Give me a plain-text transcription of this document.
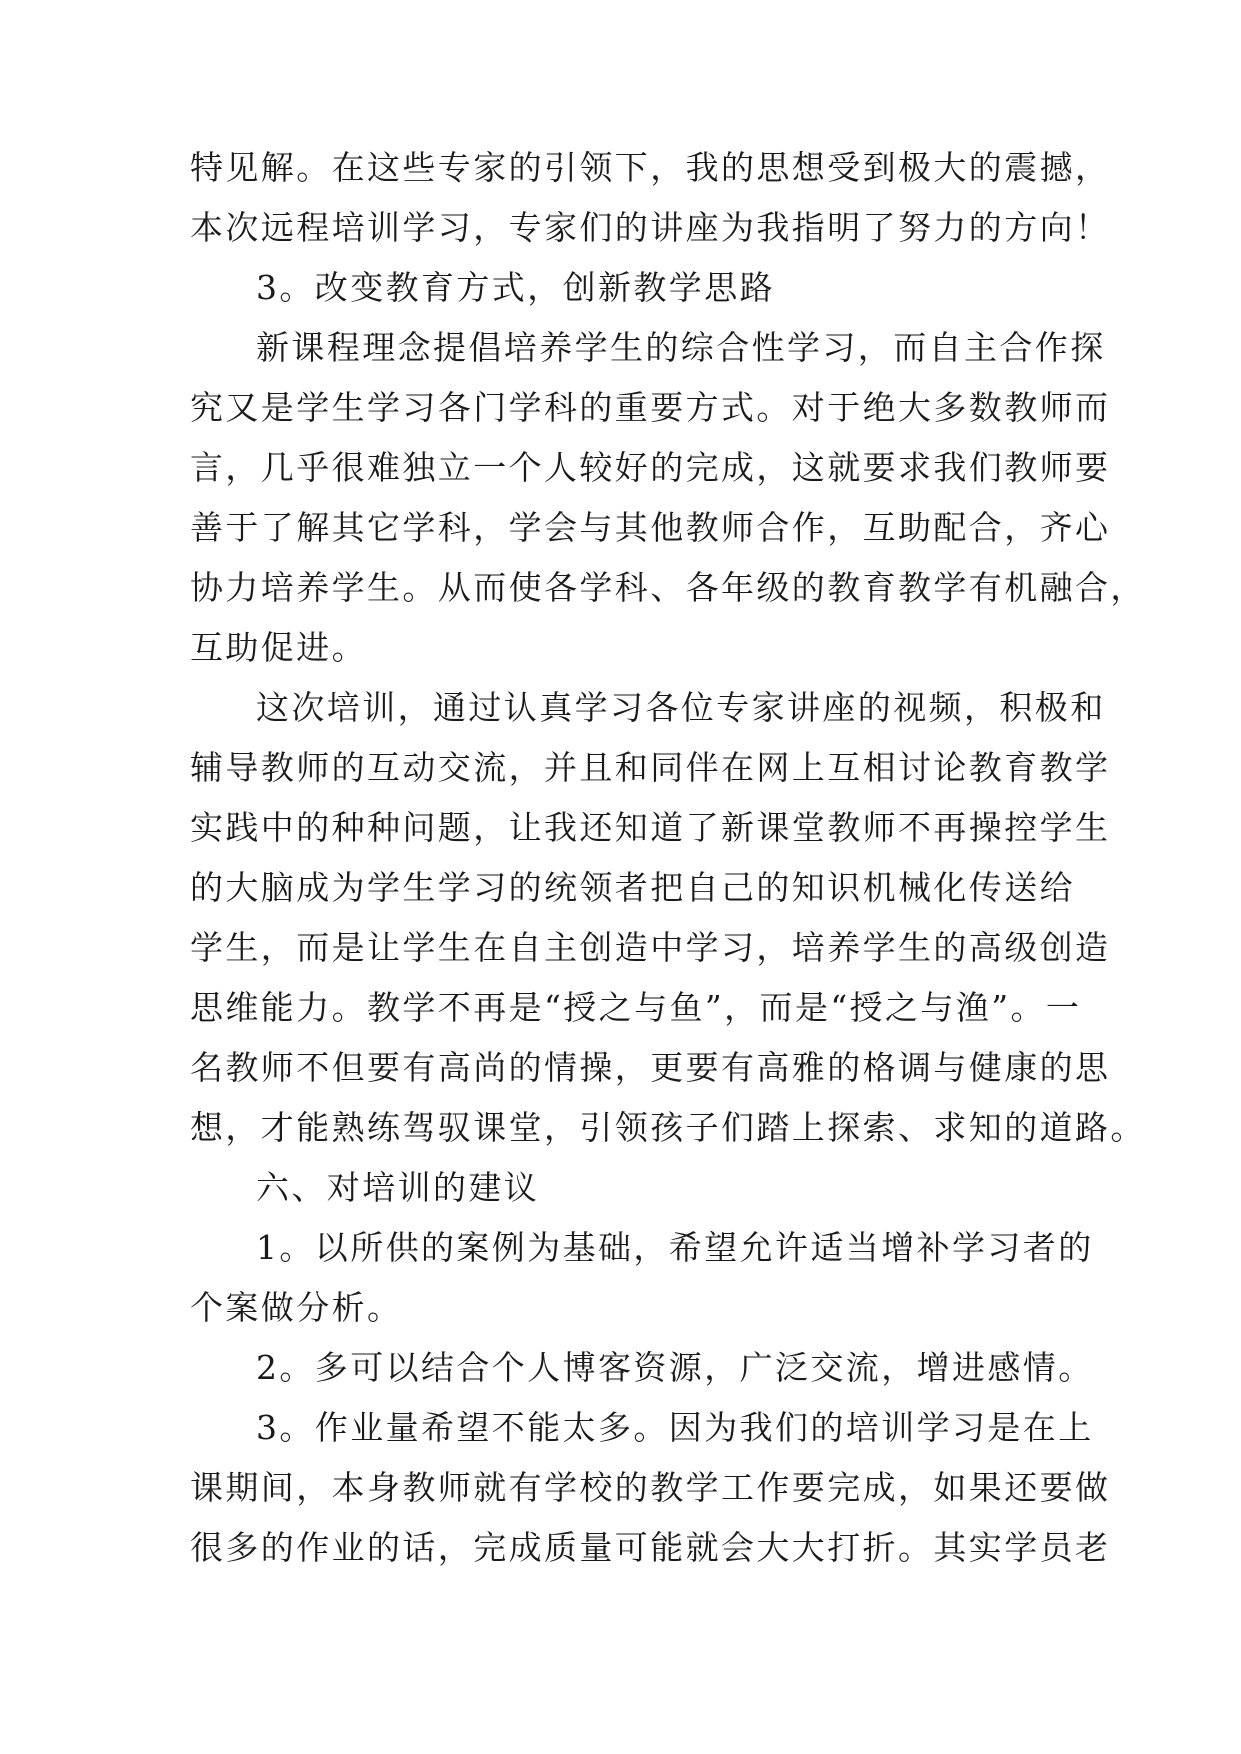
特见解。在这些专家的引领下，我的思想受到极大的震撼，
本次远程培训学习，专家们的讲座为我指明了努力的方向！
3。改变教育方式，创新教学思路
新课程理念提倡培养学生的综合性学习，而自主合作探
究又是学生学习各门学科的重要方式。对于绝大多数教师而
言，几乎很难独立一个人较好的完成，这就要求我们教师要
善于了解其它学科，学会与其他教师合作，互助配合，齐心
协力培养学生。从而使各学科、各年级的教育教学有机融合，
互助促进。
这次培训，通过认真学习各位专家讲座的视频，积极和
辅导教师的互动交流，并且和同伴在网上互相讨论教育教学
实践中的种种问题，让我还知道了新课堂教师不再操控学生
的大脑成为学生学习的统领者把自己的知识机械化传送给
学生，而是让学生在自主创造中学习，培养学生的高级创造
思维能力。教学不再是“授之与鱼”，而是“授之与渔”。一
名教师不但要有高尚的情操，更要有高雅的格调与健康的思
想，才能熟练驾驭课堂，引领孩子们踏上探索、求知的道路。
六、对培训的建议
1。以所供的案例为基础，希望允许适当增补学习者的
个案做分析。
2。多可以结合个人博客资源，广泛交流，增进感情。
3。作业量希望不能太多。因为我们的培训学习是在上
课期间，本身教师就有学校的教学工作要完成，如果还要做
很多的作业的话，完成质量可能就会大大打折。其实学员老
